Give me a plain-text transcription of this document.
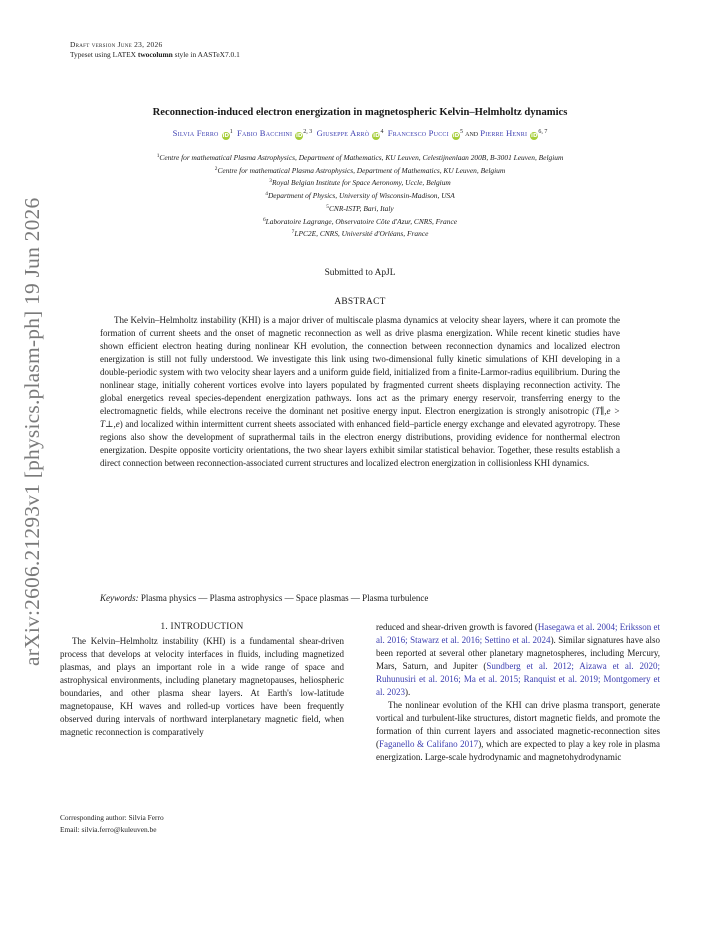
arXiv:2606.21293v1 [physics.plasm-ph] 19 Jun 2026
Draft version June 23, 2026
Typeset using LATEX twocolumn style in AASTeX7.0.1
Reconnection-induced electron energization in magnetospheric Kelvin–Helmholtz dynamics
Silvia Ferro $iD^1$ Fabio Bacchini iD$^{2, 3}$ Giuseppe Arrò $iD^4$ Francesco Pucci $iD^5$ and Pierre Henri iD$^{6, 7}$
$^1$Centre for mathematical Plasma Astrophysics, Department of Mathematics, KU Leuven, Celestijnenlaan 200B, B-3001 Leuven, Belgium
$^2$Centre for mathematical Plasma Astrophysics, Department of Mathematics, KU Leuven, Belgium
$^3$Royal Belgian Institute for Space Aeronomy, Uccle, Belgium
$^4$Department of Physics, University of Wisconsin-Madison, USA
$^5$CNR-ISTP, Bari, Italy
$^6$Laboratoire Lagrange, Observatoire Côte d'Azur, CNRS, France
$^7$LPC2E, CNRS, Université d'Orléans, France
Submitted to ApJL
ABSTRACT

The Kelvin–Helmholtz instability (KHI) is a major driver of multiscale plasma dynamics at velocity shear layers, where it can promote the formation of current sheets and the onset of magnetic reconnection as well as drive plasma energization. While recent kinetic studies have shown efficient electron heating during nonlinear KH evolution, the connection between reconnection dynamics and localized electron energization is still not fully understood. We investigate this link using two-dimensional fully kinetic simulations of KHI developing in a double-periodic system with two velocity shear layers and a uniform guide field, initialized from a finite-Larmor-radius equilibrium. During the nonlinear stage, initially coherent vortices evolve into layers populated by fragmented current sheets displaying reconnection activity. The global energetics reveal species-dependent energization pathways. Ions act as the primary energy reservoir, transferring energy to the electromagnetic fields, while electrons receive the dominant net positive energy input. Electron energization is strongly anisotropic (T∥,e > T⊥,e) and localized within intermittent current sheets associated with enhanced field–particle energy exchange and elevated agyrotropy. These regions also show the development of suprathermal tails in the electron energy distributions, providing evidence for nonthermal electron energization. Despite opposite vorticity orientations, the two shear layers exhibit similar statistical behavior. Together, these results establish a direct connection between reconnection-associated current structures and localized electron energization in collisionless KHI dynamics.

Keywords: Plasma physics — Plasma astrophysics — Space plasmas — Plasma turbulence
1. INTRODUCTION

The Kelvin–Helmholtz instability (KHI) is a fundamental shear-driven process that develops at velocity interfaces in fluids, including magnetized plasmas, and plays an important role in a wide range of space and astrophysical environments, including planetary magnetopauses, heliospheric boundaries, and other plasma shear layers. At Earth's low-latitude magnetopause, KH waves and rolled-up vortices have been frequently observed during intervals of northward interplanetary magnetic field, when magnetic reconnection is comparatively

reduced and shear-driven growth is favored (Hasegawa et al. 2004; Eriksson et al. 2016; Stawarz et al. 2016; Settino et al. 2024). Similar signatures have also been reported at several other planetary magnetospheres, including Mercury, Mars, Saturn, and Jupiter (Sundberg et al. 2012; Aizawa et al. 2020; Ruhunusiri et al. 2016; Ma et al. 2015; Ranquist et al. 2019; Montgomery et al. 2023).

The nonlinear evolution of the KHI can drive plasma transport, generate vortical and turbulent-like structures, distort magnetic fields, and promote the formation of thin current layers and associated magnetic-reconnection sites (Faganello & Califano 2017), which are expected to play a key role in plasma energization. Large-scale hydrodynamic and magnetohydrodynamic

Corresponding author: Silvia Ferro
Email: silvia.ferro@kuleuven.be
